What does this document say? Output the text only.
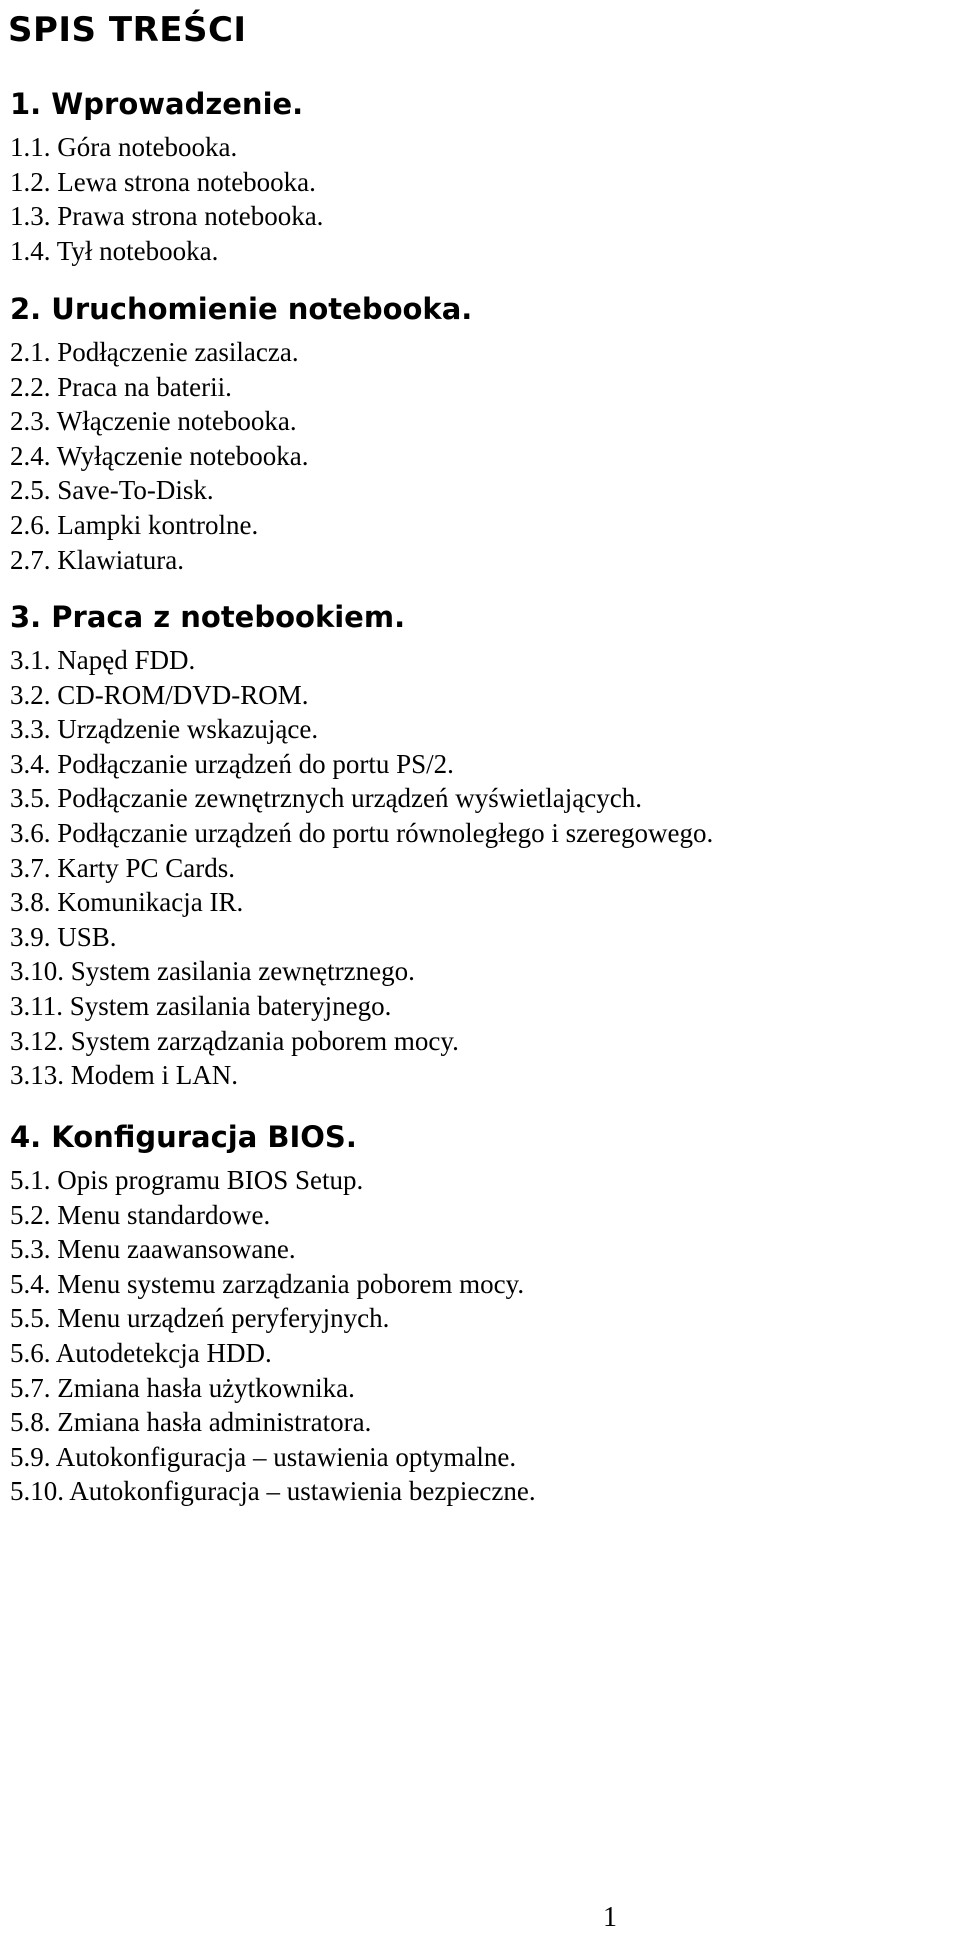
SPIS TREŚCI
1. Wprowadzenie.
1.1. Góra notebooka.
1.2. Lewa strona notebooka.
1.3. Prawa strona notebooka.
1.4. Tył notebooka.
2. Uruchomienie notebooka.
2.1. Podłączenie zasilacza.
2.2. Praca na baterii.
2.3. Włączenie notebooka.
2.4. Wyłączenie notebooka.
2.5. Save-To-Disk.
2.6. Lampki kontrolne.
2.7. Klawiatura.
3. Praca z notebookiem.
3.1. Napęd FDD.
3.2. CD-ROM/DVD-ROM.
3.3. Urządzenie wskazujące.
3.4. Podłączanie urządzeń do portu PS/2.
3.5. Podłączanie zewnętrznych urządzeń wyświetlających.
3.6. Podłączanie urządzeń do portu równoległego i szeregowego.
3.7. Karty PC Cards.
3.8. Komunikacja IR.
3.9. USB.
3.10. System zasilania zewnętrznego.
3.11. System zasilania bateryjnego.
3.12. System zarządzania poborem mocy.
3.13. Modem i LAN.
4. Konfiguracja BIOS.
5.1. Opis programu BIOS Setup.
5.2. Menu standardowe.
5.3. Menu zaawansowane.
5.4. Menu systemu zarządzania poborem mocy.
5.5. Menu urządzeń peryferyjnych.
5.6. Autodetekcja HDD.
5.7. Zmiana hasła użytkownika.
5.8. Zmiana hasła administratora.
5.9. Autokonfiguracja – ustawienia optymalne.
5.10. Autokonfiguracja – ustawienia bezpieczne.
1
